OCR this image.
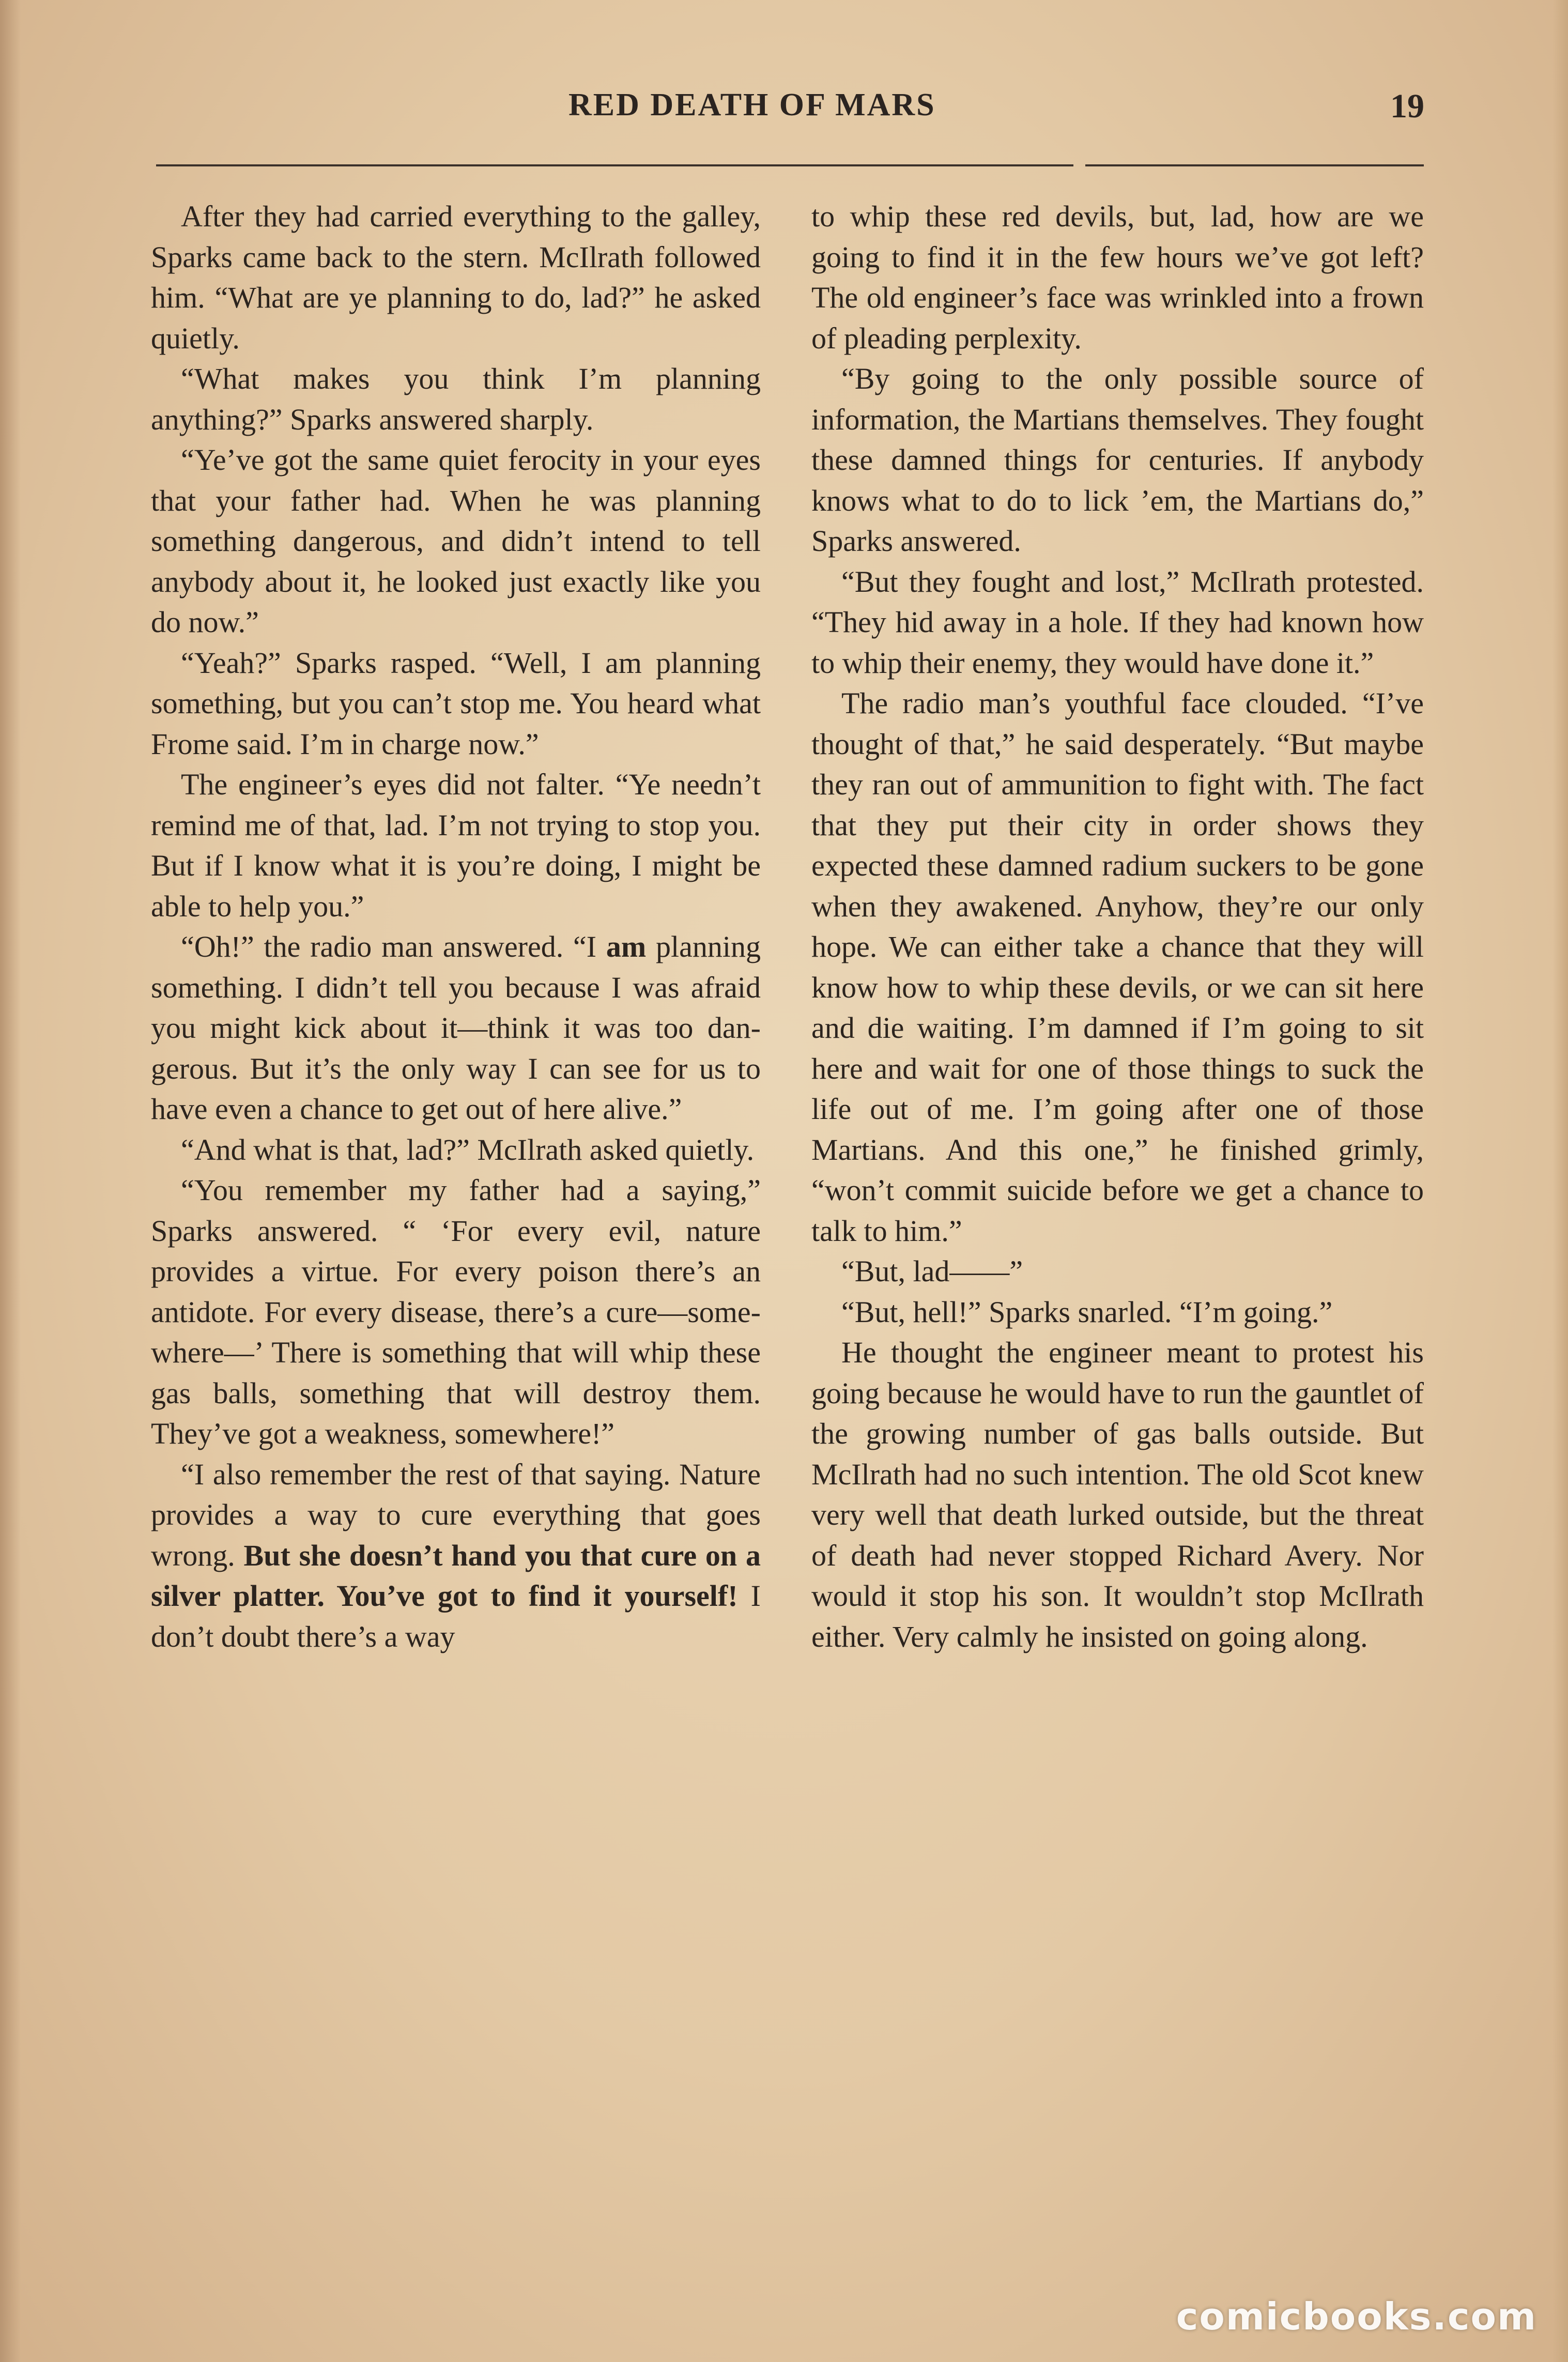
RED DEATH OF MARS	19

After they had carried everything to the galley, Sparks came back to the stern. McIlrath followed him. “What are ye planning to do, lad?” he asked quietly.

“What makes you think I’m planning anything?” Sparks answered sharply.

“Ye’ve got the same quiet ferocity in your eyes that your father had. When he was planning something dangerous, and didn’t intend to tell anybody about it, he looked just exactly like you do now.”

“Yeah?” Sparks rasped. “Well, I am planning something, but you can’t stop me. You heard what Frome said. I’m in charge now.”

The engineer’s eyes did not falter. “Ye needn’t remind me of that, lad. I’m not trying to stop you. But if I know what it is you’re doing, I might be able to help you.”

“Oh!” the radio man answered. “I am planning something. I didn’t tell you because I was afraid you might kick about it—think it was too dangerous. But it’s the only way I can see for us to have even a chance to get out of here alive.”

“And what is that, lad?” McIlrath asked quietly.

“You remember my father had a saying,” Sparks answered. “ ‘For every evil, nature provides a virtue. For every poison there’s an antidote. For every disease, there’s a cure—somewhere—’ There is something that will whip these gas balls, something that will destroy them. They’ve got a weakness, somewhere!”

“I also remember the rest of that saying. Nature provides a way to cure everything that goes wrong. But she doesn’t hand you that cure on a silver platter. You’ve got to find it yourself! I don’t doubt there’s a way

to whip these red devils, but, lad, how are we going to find it in the few hours we’ve got left? The old engineer’s face was wrinkled into a frown of pleading perplexity.

“By going to the only possible source of information, the Martians themselves. They fought these damned things for centuries. If anybody knows what to do to lick ’em, the Martians do,” Sparks answered.

“But they fought and lost,” McIlrath protested. “They hid away in a hole. If they had known how to whip their enemy, they would have done it.”

The radio man’s youthful face clouded. “I’ve thought of that,” he said desperately. “But maybe they ran out of ammunition to fight with. The fact that they put their city in order shows they expected these damned radium suckers to be gone when they awakened. Anyhow, they’re our only hope. We can either take a chance that they will know how to whip these devils, or we can sit here and die waiting. I’m damned if I’m going to sit here and wait for one of those things to suck the life out of me. I’m going after one of those Martians. And this one,” he finished grimly, “won’t commit suicide before we get a chance to talk to him.”

“But, lad——”

“But, hell!” Sparks snarled. “I’m going.”

He thought the engineer meant to protest his going because he would have to run the gauntlet of the growing number of gas balls outside. But McIlrath had no such intention. The old Scot knew very well that death lurked outside, but the threat of death had never stopped Richard Avery. Nor would it stop his son. It wouldn’t stop McIlrath either. Very calmly he insisted on going along.

comicbooks.com
